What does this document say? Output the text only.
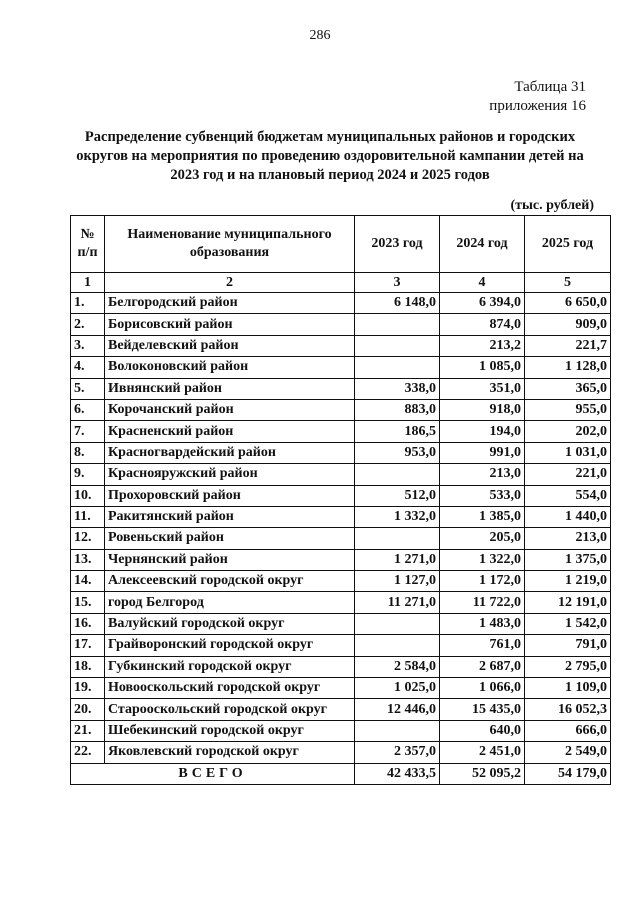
286
Таблица 31
приложения 16
Распределение субвенций бюджетам муниципальных районов и городских округов на мероприятия по проведению оздоровительной кампании детей на 2023 год и на плановый период 2024 и 2025 годов
(тыс. рублей)
№ п/п	Наименование муниципального образования	2023 год	2024 год	2025 год
1	2	3	4	5
1.	Белгородский район	6 148,0	6 394,0	6 650,0
2.	Борисовский район		874,0	909,0
3.	Вейделевский район		213,2	221,7
4.	Волоконовский район		1 085,0	1 128,0
5.	Ивнянский район	338,0	351,0	365,0
6.	Корочанский район	883,0	918,0	955,0
7.	Красненский район	186,5	194,0	202,0
8.	Красногвардейский район	953,0	991,0	1 031,0
9.	Краснояружский район		213,0	221,0
10.	Прохоровский район	512,0	533,0	554,0
11.	Ракитянский район	1 332,0	1 385,0	1 440,0
12.	Ровеньский район		205,0	213,0
13.	Чернянский район	1 271,0	1 322,0	1 375,0
14.	Алексеевский городской округ	1 127,0	1 172,0	1 219,0
15.	город Белгород	11 271,0	11 722,0	12 191,0
16.	Валуйский городской округ		1 483,0	1 542,0
17.	Грайворонский городской округ		761,0	791,0
18.	Губкинский городской округ	2 584,0	2 687,0	2 795,0
19.	Новооскольский городской округ	1 025,0	1 066,0	1 109,0
20.	Старооскольский городской округ	12 446,0	15 435,0	16 052,3
21.	Шебекинский городской округ		640,0	666,0
22.	Яковлевский городской округ	2 357,0	2 451,0	2 549,0
ВСЕГО		42 433,5	52 095,2	54 179,0
